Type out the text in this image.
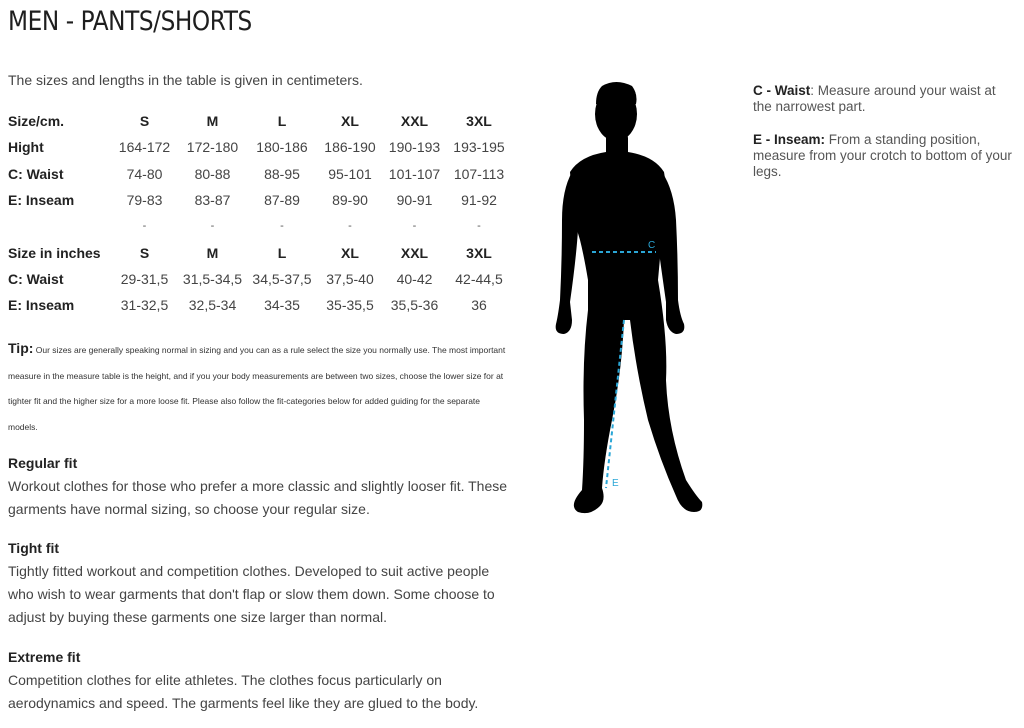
MEN - PANTS/SHORTS
The sizes and lengths in the table is given in centimeters.
Size/cm.	S	M	L	XL	XXL	3XL
Hight	164-172	172-180	180-186	186-190	190-193	193-195
C: Waist	74-80	80-88	88-95	95-101	101-107	107-113
E: Inseam	79-83	83-87	87-89	89-90	90-91	91-92
	-	-	-	-	-	-
Size in inches	S	M	L	XL	XXL	3XL
C: Waist	29-31,5	31,5-34,5	34,5-37,5	37,5-40	40-42	42-44,5
E: Inseam	31-32,5	32,5-34	34-35	35-35,5	35,5-36	36
Tip: Our sizes are generally speaking normal in sizing and you can as a rule select the size you normally use. The most important measure in the measure table is the height, and if you your body measurements are between two sizes, choose the lower size for at tighter fit and the higher size for a more loose fit. Please also follow the fit-categories below for added guiding for the separate models.
Regular fit

Workout clothes for those who prefer a more classic and slightly looser fit. These garments have normal sizing, so choose your regular size.

Tight fit

Tightly fitted workout and competition clothes. Developed to suit active people who wish to wear garments that don't flap or slow them down. Some choose to adjust by buying these garments one size larger than normal.

Extreme fit

Competition clothes for elite athletes. The clothes focus particularly on aerodynamics and speed. The garments feel like they are glued to the body.

C
E
C - Waist: Measure around your waist at the narrowest part.
E - Inseam: From a standing position, measure from your crotch to bottom of your legs.
